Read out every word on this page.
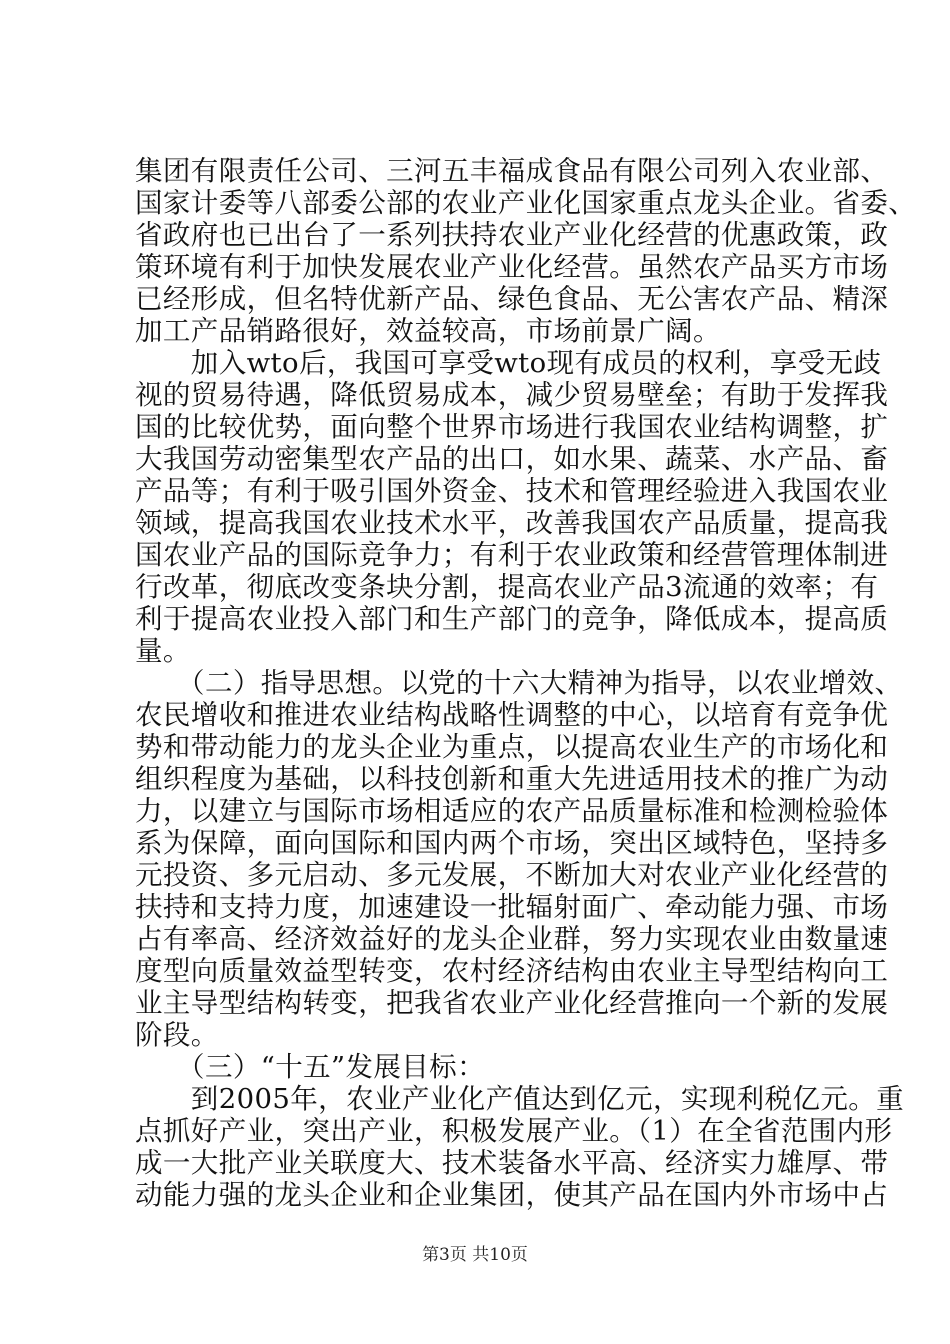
集团有限责任公司、三河五丰福成食品有限公司列入农业部、
国家计委等八部委公部的农业产业化国家重点龙头企业。省委、
省政府也已出台了一系列扶持农业产业化经营的优惠政策，政
策环境有利于加快发展农业产业化经营。虽然农产品买方市场
已经形成，但名特优新产品、绿色食品、无公害农产品、精深
加工产品销路很好，效益较高，市场前景广阔。
　　加入wto后，我国可享受wto现有成员的权利，享受无歧
视的贸易待遇，降低贸易成本，减少贸易壁垒；有助于发挥我
国的比较优势，面向整个世界市场进行我国农业结构调整，扩
大我国劳动密集型农产品的出口，如水果、蔬菜、水产品、畜
产品等；有利于吸引国外资金、技术和管理经验进入我国农业
领域，提高我国农业技术水平，改善我国农产品质量，提高我
国农业产品的国际竞争力；有利于农业政策和经营管理体制进
行改革，彻底改变条块分割，提高农业产品3流通的效率；有
利于提高农业投入部门和生产部门的竞争，降低成本，提高质
量。
　　（二）指导思想。以党的十六大精神为指导，以农业增效、
农民增收和推进农业结构战略性调整的中心，以培育有竞争优
势和带动能力的龙头企业为重点，以提高农业生产的市场化和
组织程度为基础，以科技创新和重大先进适用技术的推广为动
力，以建立与国际市场相适应的农产品质量标准和检测检验体
系为保障，面向国际和国内两个市场，突出区域特色，坚持多
元投资、多元启动、多元发展，不断加大对农业产业化经营的
扶持和支持力度，加速建设一批辐射面广、牵动能力强、市场
占有率高、经济效益好的龙头企业群，努力实现农业由数量速
度型向质量效益型转变，农村经济结构由农业主导型结构向工
业主导型结构转变，把我省农业产业化经营推向一个新的发展
阶段。
　　（三）“十五”发展目标：
　　到2005年，农业产业化产值达到亿元，实现利税亿元。重
点抓好产业，突出产业，积极发展产业。（1）在全省范围内形
成一大批产业关联度大、技术装备水平高、经济实力雄厚、带
动能力强的龙头企业和企业集团，使其产品在国内外市场中占
第3页 共10页
